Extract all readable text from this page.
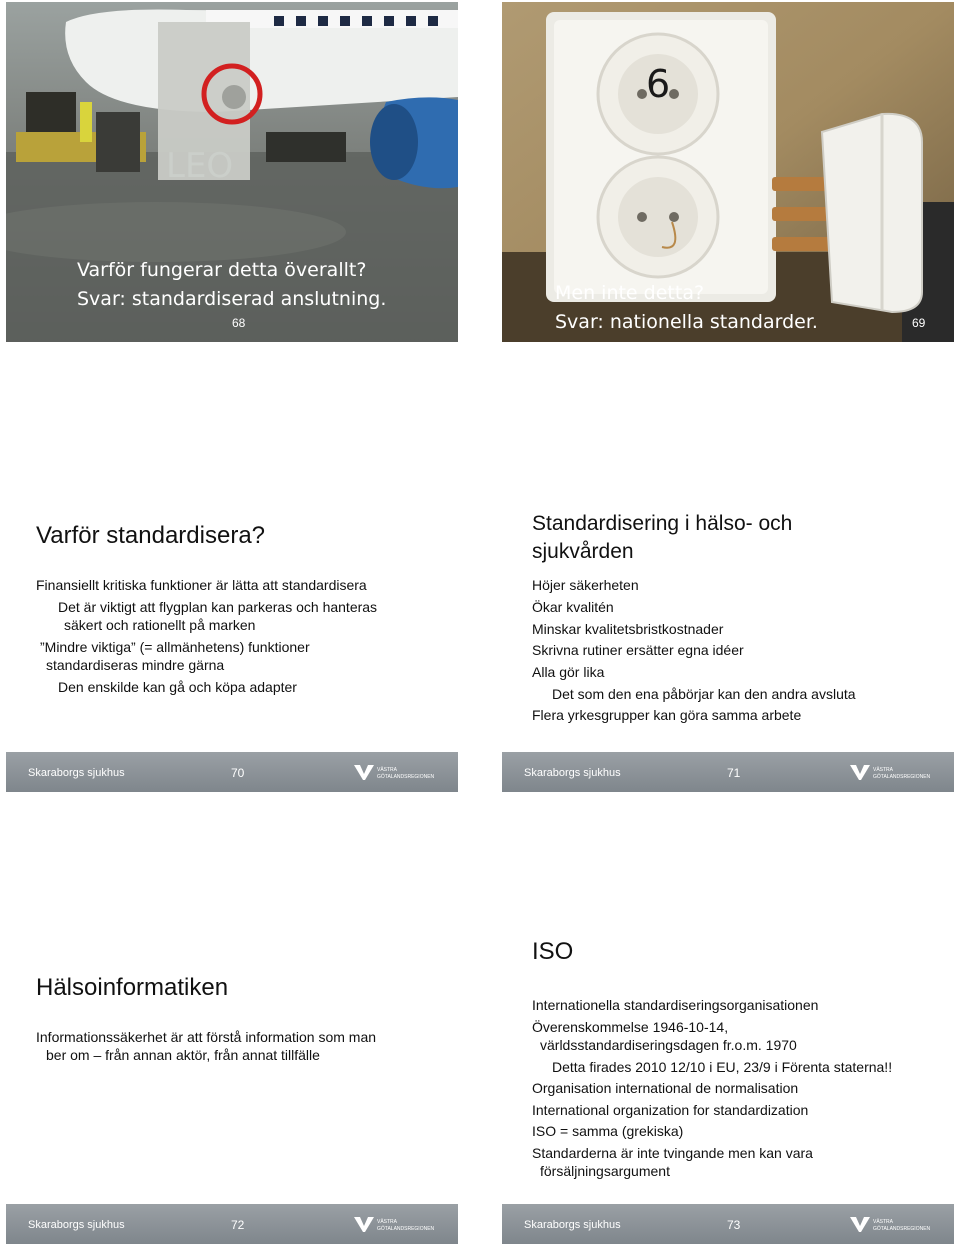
LEO
Varför fungerar detta överallt?
Svar: standardiserad anslutning.
68
6
Men inte detta?
Svar: nationella standarder.	69
Varför standardisera?
Finansiellt kritiska funktioner är lätta att standardisera
Det är viktigt att flygplan kan parkeras och hanteras
säkert och rationellt på marken
”Mindre viktiga” (= allmänhetens) funktioner
standardiseras mindre gärna
Den enskilde kan gå och köpa adapter
Skaraborgs sjukhus	70	VÄSTRA
GÖTALANDSREGIONEN
Standardisering i hälso- och
sjukvården
Höjer säkerheten
Ökar kvalitén
Minskar kvalitetsbristkostnader
Skrivna rutiner ersätter egna idéer
Alla gör lika
Det som den ena påbörjar kan den andra avsluta
Flera yrkesgrupper kan göra samma arbete
Skaraborgs sjukhus	71	VÄSTRA
GÖTALANDSREGIONEN
Hälsoinformatiken
Informationssäkerhet är att förstå information som man
ber om – från annan aktör, från annat tillfälle
Skaraborgs sjukhus	72	VÄSTRA
GÖTALANDSREGIONEN
ISO
Internationella standardiseringsorganisationen
Överenskommelse 1946-10-14,
världsstandardiseringsdagen fr.o.m. 1970
Detta firades 2010 12/10 i EU, 23/9 i Förenta staterna!!
Organisation international de normalisation
International organization for standardization
ISO = samma (grekiska)
Standarderna är inte tvingande men kan vara
försäljningsargument
Skaraborgs sjukhus	73	VÄSTRA
GÖTALANDSREGIONEN
